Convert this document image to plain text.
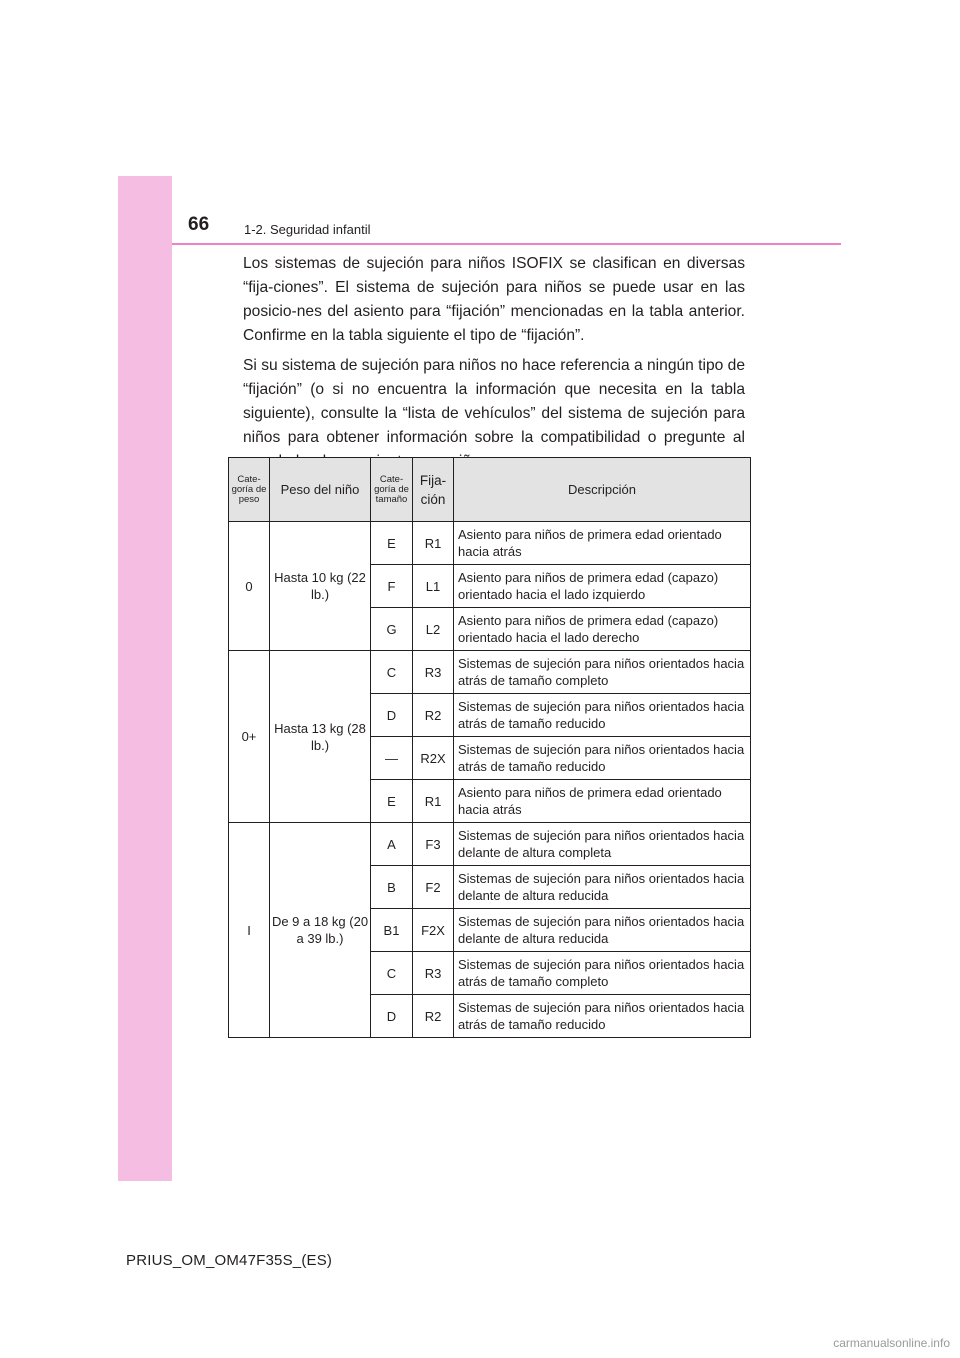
66	1-2. Seguridad infantil

Los sistemas de sujeción para niños ISOFIX se clasifican en diversas “fija-ciones”. El sistema de sujeción para niños se puede usar en las posicio-nes del asiento para “fijación” mencionadas en la tabla anterior. Confirme en la tabla siguiente el tipo de “fijación”.

Si su sistema de sujeción para niños no hace referencia a ningún tipo de “fijación” (o si no encuentra la información que necesita en la tabla siguiente), consulte la “lista de vehículos” del sistema de sujeción para niños para obtener información sobre la compatibilidad o pregunte al

Cate-goría de peso	Peso del niño	Cate-goría de tamaño	Fija-ción	Descripción
0	Hasta 10 kg (22 lb.)	E	R1	Asiento para niños de primera edad orientado hacia atrás
		F	L1	Asiento para niños de primera edad (capazo) orientado hacia el lado izquierdo
		G	L2	Asiento para niños de primera edad (capazo) orientado hacia el lado derecho
0+	Hasta 13 kg (28 lb.)	C	R3	Sistemas de sujeción para niños orientados hacia atrás de tamaño completo
		D	R2	Sistemas de sujeción para niños orientados hacia atrás de tamaño reducido
		—	R2X	Sistemas de sujeción para niños orientados hacia atrás de tamaño reducido
		E	R1	Asiento para niños de primera edad orientado hacia atrás
I	De 9 a 18 kg (20 a 39 lb.)	A	F3	Sistemas de sujeción para niños orientados hacia delante de altura completa
		B	F2	Sistemas de sujeción para niños orientados hacia delante de altura reducida
		B1	F2X	Sistemas de sujeción para niños orientados hacia delante de altura reducida
		C	R3	Sistemas de sujeción para niños orientados hacia atrás de tamaño completo
		D	R2	Sistemas de sujeción para niños orientados hacia atrás de tamaño reducido
PRIUS_OM_OM47F35S_(ES)
carmanualsonline.info
